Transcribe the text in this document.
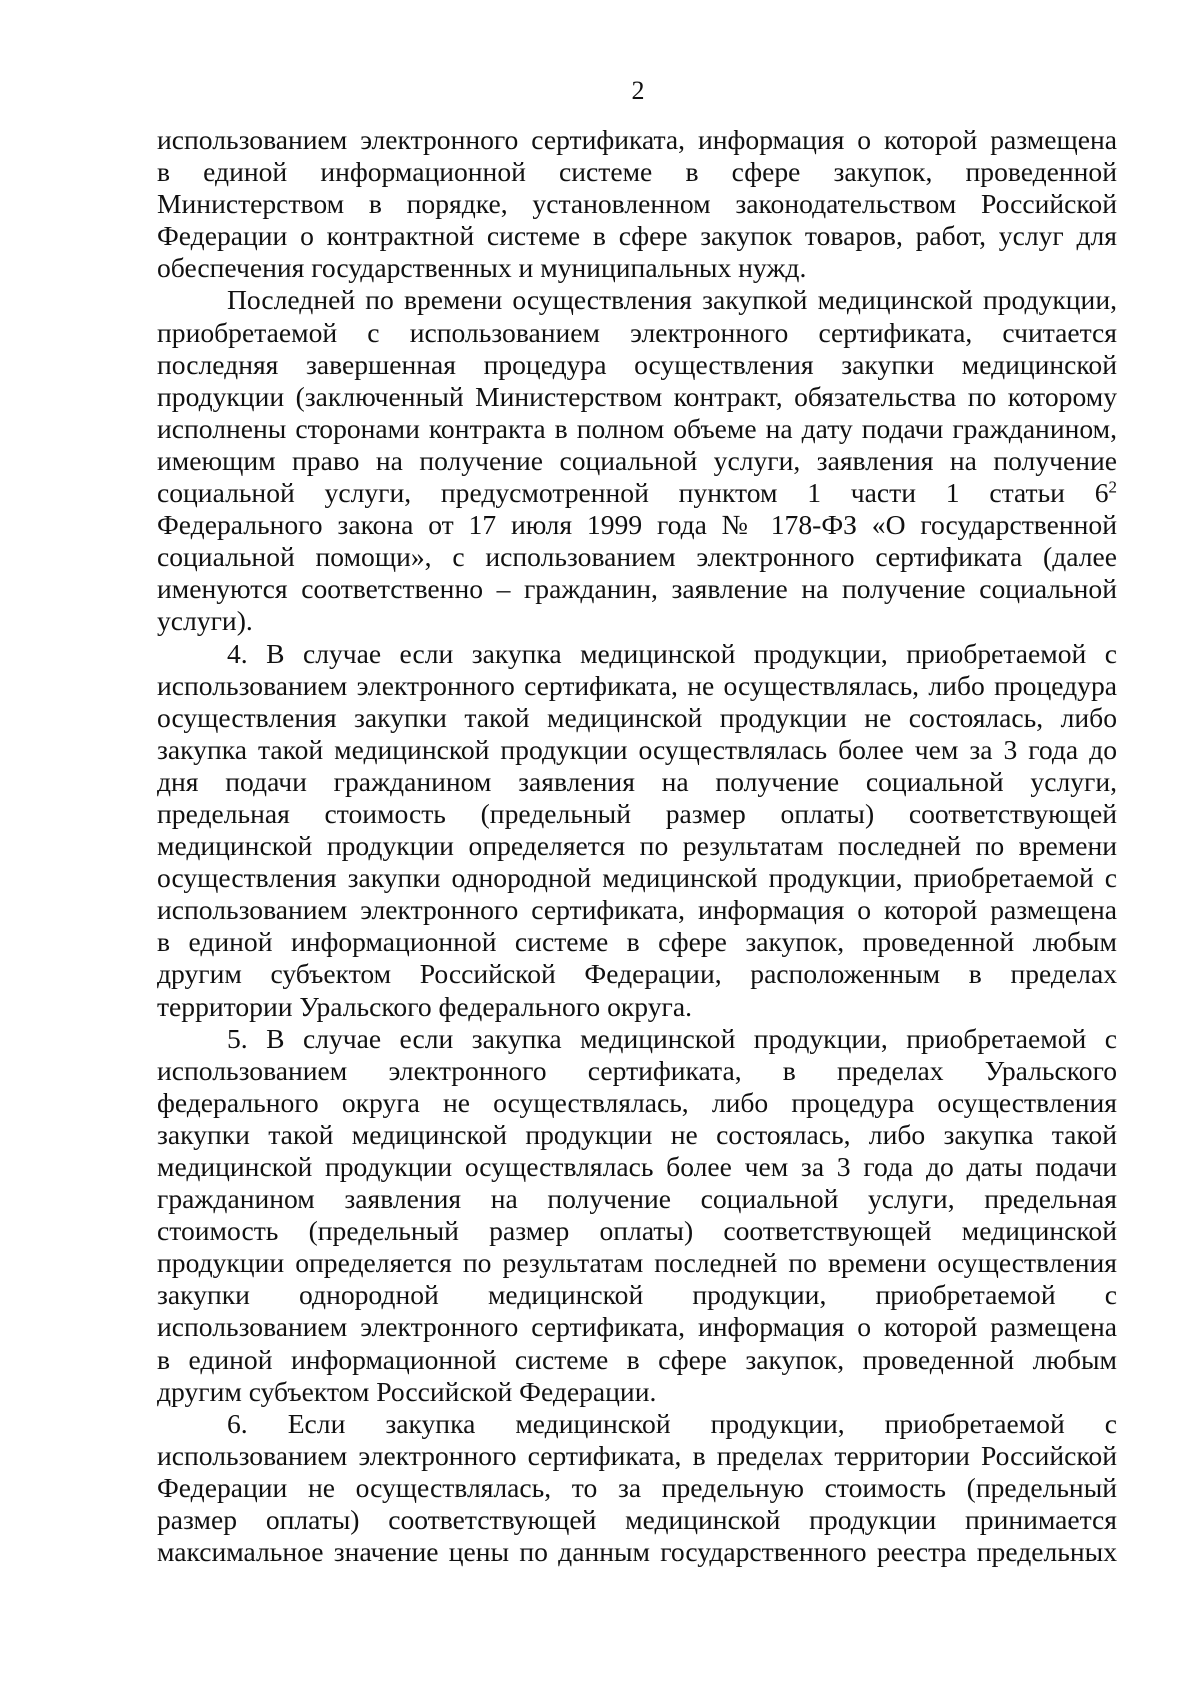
2
использованием электронного сертификата, информация о которой размещена
в единой информационной системе в сфере закупок, проведенной
Министерством в порядке, установленном законодательством Российской
Федерации о контрактной системе в сфере закупок товаров, работ, услуг для
обеспечения государственных и муниципальных нужд.
Последней по времени осуществления закупкой медицинской продукции,
приобретаемой с использованием электронного сертификата, считается
последняя завершенная процедура осуществления закупки медицинской
продукции (заключенный Министерством контракт, обязательства по которому
исполнены сторонами контракта в полном объеме на дату подачи гражданином,
имеющим право на получение социальной услуги, заявления на получение
социальной услуги, предусмотренной пунктом 1 части 1 статьи $6^2$
Федерального закона от 17 июля 1999 года № 178-ФЗ «О государственной
социальной помощи», с использованием электронного сертификата (далее
именуются соответственно – гражданин, заявление на получение социальной
услуги).
4. В случае если закупка медицинской продукции, приобретаемой с
использованием электронного сертификата, не осуществлялась, либо процедура
осуществления закупки такой медицинской продукции не состоялась, либо
закупка такой медицинской продукции осуществлялась более чем за 3 года до
дня подачи гражданином заявления на получение социальной услуги,
предельная стоимость (предельный размер оплаты) соответствующей
медицинской продукции определяется по результатам последней по времени
осуществления закупки однородной медицинской продукции, приобретаемой с
использованием электронного сертификата, информация о которой размещена
в единой информационной системе в сфере закупок, проведенной любым
другим субъектом Российской Федерации, расположенным в пределах
территории Уральского федерального округа.
5. В случае если закупка медицинской продукции, приобретаемой с
использованием электронного сертификата, в пределах Уральского
федерального округа не осуществлялась, либо процедура осуществления
закупки такой медицинской продукции не состоялась, либо закупка такой
медицинской продукции осуществлялась более чем за 3 года до даты подачи
гражданином заявления на получение социальной услуги, предельная
стоимость (предельный размер оплаты) соответствующей медицинской
продукции определяется по результатам последней по времени осуществления
закупки однородной медицинской продукции, приобретаемой с
использованием электронного сертификата, информация о которой размещена
в единой информационной системе в сфере закупок, проведенной любым
другим субъектом Российской Федерации.
6. Если закупка медицинской продукции, приобретаемой с
использованием электронного сертификата, в пределах территории Российской
Федерации не осуществлялась, то за предельную стоимость (предельный
размер оплаты) соответствующей медицинской продукции принимается
максимальное значение цены по данным государственного реестра предельных
